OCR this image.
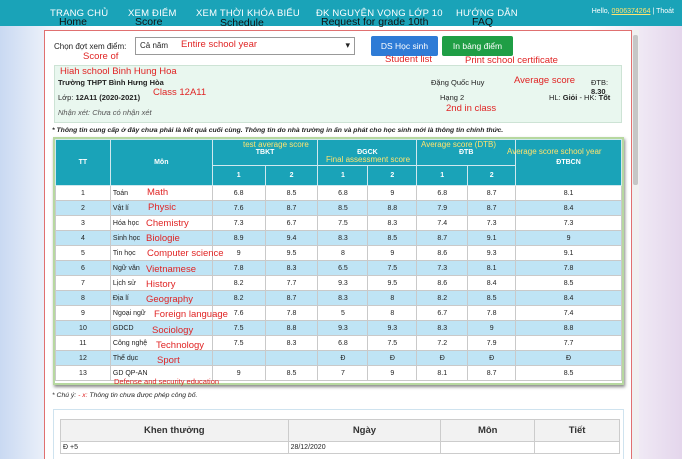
TRANG CHỦ XEM ĐIỂM XEM THỜI KHÓA BIỂU ĐK NGUYỆN VỌNG LỚP 10 HƯỚNG DẪN	Hello, 0906374264 | Thoát
Home	Score	Schedule	Request for grade 10th	FAQ
Chọn đợt xem điểm:	Cả năm	▾	DS Học sinh	In bảng điểm
Trường THPT Bình Hưng Hòa
Lớp: 12A11 (2020-2021)
Nhận xét: Chưa có nhận xét
Đặng Quốc Huy
Hạng 2
ĐTB: 8.30
HL: Giỏi - HK: Tốt
* Thông tin cung cấp ở đây chưa phải là kết quả cuối cùng. Thông tin do nhà trường in ấn và phát cho học sinh mới là thông tin chính thức.
TT	Môn	TBKT		ĐGCK		ĐTB		ĐTBCN
		1	2	1	2	1	2	
1	Toán	6.8	8.5	6.8	9	6.8	8.7	8.1
2	Vật lí	7.6	8.7	8.5	8.8	7.9	8.7	8.4
3	Hóa học	7.3	6.7	7.5	8.3	7.4	7.3	7.3
4	Sinh học	8.9	9.4	8.3	8.5	8.7	9.1	9
5	Tin học	9	9.5	8	9	8.6	9.3	9.1
6	Ngữ văn	7.8	8.3	6.5	7.5	7.3	8.1	7.8
7	Lịch sử	8.2	7.7	9.3	9.5	8.6	8.4	8.5
8	Địa lí	8.2	8.7	8.3	8	8.2	8.5	8.4
9	Ngoại ngữ	7.6	7.8	5	8	6.7	7.8	7.4
10	GDCD	7.5	8.8	9.3	9.3	8.3	9	8.8
11	Công nghệ	7.5	8.3	6.8	7.5	7.2	7.9	7.7
12	Thể dục			Đ	Đ	Đ	Đ	Đ
13	GD QP-AN	9	8.5	7	9	8.1	8.7	8.5
* Chú ý: - x: Thông tin chưa được phép công bố.
Khen thưởng	Ngày	Môn	Tiết
Đ +5	28/12/2020		
Entire school year
Score of	Student list	Print school certificate
Hiah school Binh Hung Hoa
Class 12A11
Average score
2nd in class
test average score
Final assessment score
Average score (DTB)
Average score school year
Math
Physic
Chemistry
Biologie
Computer science
Vietnamese
History
Geography
Foreign language
Sociology
Technology
Sport
Defense and security education
